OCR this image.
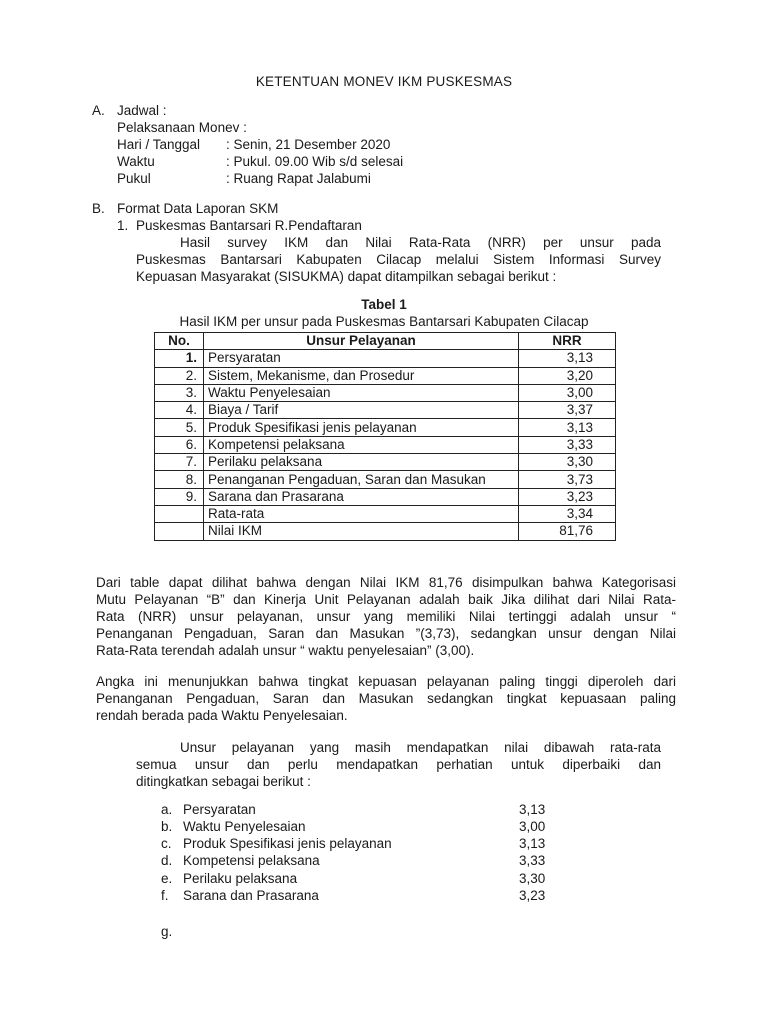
KETENTUAN MONEV IKM PUSKESMAS
A. Jadwal :
Pelaksanaan Monev :
Hari / Tanggal : Senin, 21 Desember 2020
Waktu	: Pukul. 09.00 Wib s/d selesai
Pukul	: Ruang Rapat Jalabumi
B. Format Data Laporan SKM
1. Puskesmas Bantarsari R.Pendaftaran
Hasil survey IKM dan Nilai Rata-Rata (NRR) per unsur pada
Puskesmas Bantarsari Kabupaten Cilacap melalui Sistem Informasi Survey
Kepuasan Masyarakat (SISUKMA) dapat ditampilkan sebagai berikut :
Tabel 1
Hasil IKM per unsur pada Puskesmas Bantarsari Kabupaten Cilacap
No.	Unsur Pelayanan	NRR
1.	Persyaratan	3,13
2.	Sistem, Mekanisme, dan Prosedur	3,20
3.	Waktu Penyelesaian	3,00
4.	Biaya / Tarif	3,37
5.	Produk Spesifikasi jenis pelayanan	3,13
6.	Kompetensi pelaksana	3,33
7.	Perilaku pelaksana	3,30
8.	Penanganan Pengaduan, Saran dan Masukan	3,73
9.	Sarana dan Prasarana	3,23
	Rata-rata	3,34
	Nilai IKM	81,76
Dari table dapat dilihat bahwa dengan Nilai IKM 81,76 disimpulkan bahwa Kategorisasi
Mutu Pelayanan “B” dan Kinerja Unit Pelayanan adalah baik Jika dilihat dari Nilai Rata-
Rata (NRR) unsur pelayanan, unsur yang memiliki Nilai tertinggi adalah unsur “
Penanganan Pengaduan, Saran dan Masukan ”(3,73), sedangkan unsur dengan Nilai
Rata-Rata terendah adalah unsur “ waktu penyelesaian” (3,00).
Angka ini menunjukkan bahwa tingkat kepuasan pelayanan paling tinggi diperoleh dari
Penanganan Pengaduan, Saran dan Masukan sedangkan tingkat kepuasaan paling
rendah berada pada Waktu Penyelesaian.
Unsur pelayanan yang masih mendapatkan nilai dibawah rata-rata
semua unsur dan perlu mendapatkan perhatian untuk diperbaiki dan
ditingkatkan sebagai berikut :
a. Persyaratan	3,13
b. Waktu Penyelesaian	3,00
c. Produk Spesifikasi jenis pelayanan	3,13
d. Kompetensi pelaksana	3,33
e. Perilaku pelaksana	3,30
f. Sarana dan Prasarana	3,23
g.
